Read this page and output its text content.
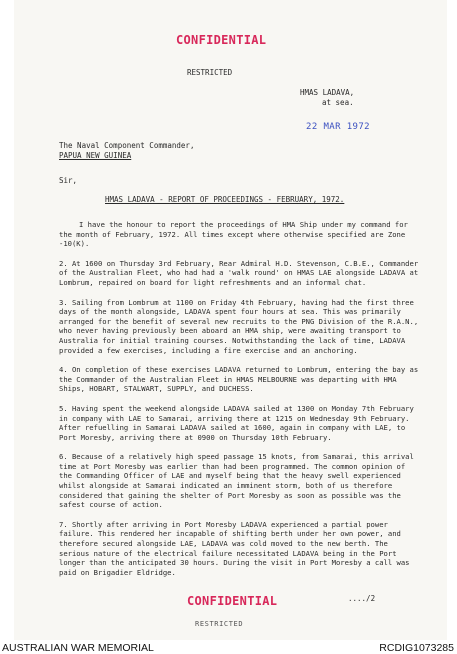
CONFIDENTIAL
RESTRICTED
HMAS LADAVA,
at sea.
22 MAR 1972
The Naval Component Commander,
PAPUA NEW GUINEA
Sir,
HMAS LADAVA - REPORT OF PROCEEDINGS - FEBRUARY, 1972.

I have the honour to report the proceedings of HMA Ship under my command for the month of February, 1972. All times except where otherwise specified are Zone -10(K).

2. At 1600 on Thursday 3rd February, Rear Admiral H.D. Stevenson, C.B.E., Commander of the Australian Fleet, who had had a 'walk round' on HMAS LAE alongside LADAVA at Lombrum, repaired on board for light refreshments and an informal chat.

3. Sailing from Lombrum at 1100 on Friday 4th February, having had the first three days of the month alongside, LADAVA spent four hours at sea. This was primarily arranged for the benefit of several new recruits to the PNG Division of the R.A.N., who never having previously been aboard an HMA ship, were awaiting transport to Australia for initial training courses. Notwithstanding the lack of time, LADAVA provided a few exercises, including a fire exercise and an anchoring.

4. On completion of these exercises LADAVA returned to Lombrum, entering the bay as the Commander of the Australian Fleet in HMAS MELBOURNE was departing with HMA Ships, HOBART, STALWART, SUPPLY, and DUCHESS.

5. Having spent the weekend alongside LADAVA sailed at 1300 on Monday 7th February in company with LAE to Samarai, arriving there at 1215 on Wednesday 9th February. After refuelling in Samarai LADAVA sailed at 1600, again in company with LAE, to Port Moresby, arriving there at 0900 on Thursday 10th February.

6. Because of a relatively high speed passage 15 knots, from Samarai, this arrival time at Port Moresby was earlier than had been programmed. The common opinion of the Commanding Officer of LAE and myself being that the heavy swell experienced whilst alongside at Samarai indicated an imminent storm, both of us therefore considered that gaining the shelter of Port Moresby as soon as possible was the safest course of action.

7. Shortly after arriving in Port Moresby LADAVA experienced a partial power failure. This rendered her incapable of shifting berth under her own power, and therefore secured alongside LAE, LADAVA was cold moved to the new berth. The serious nature of the electrical failure necessitated LADAVA being in the Port longer than the anticipated 30 hours. During the visit in Port Moresby a call was paid on Brigadier Eldridge.

CONFIDENTIAL	..../2
RESTRICTED
AUSTRALIAN WAR MEMORIAL	RCDIG1073285
